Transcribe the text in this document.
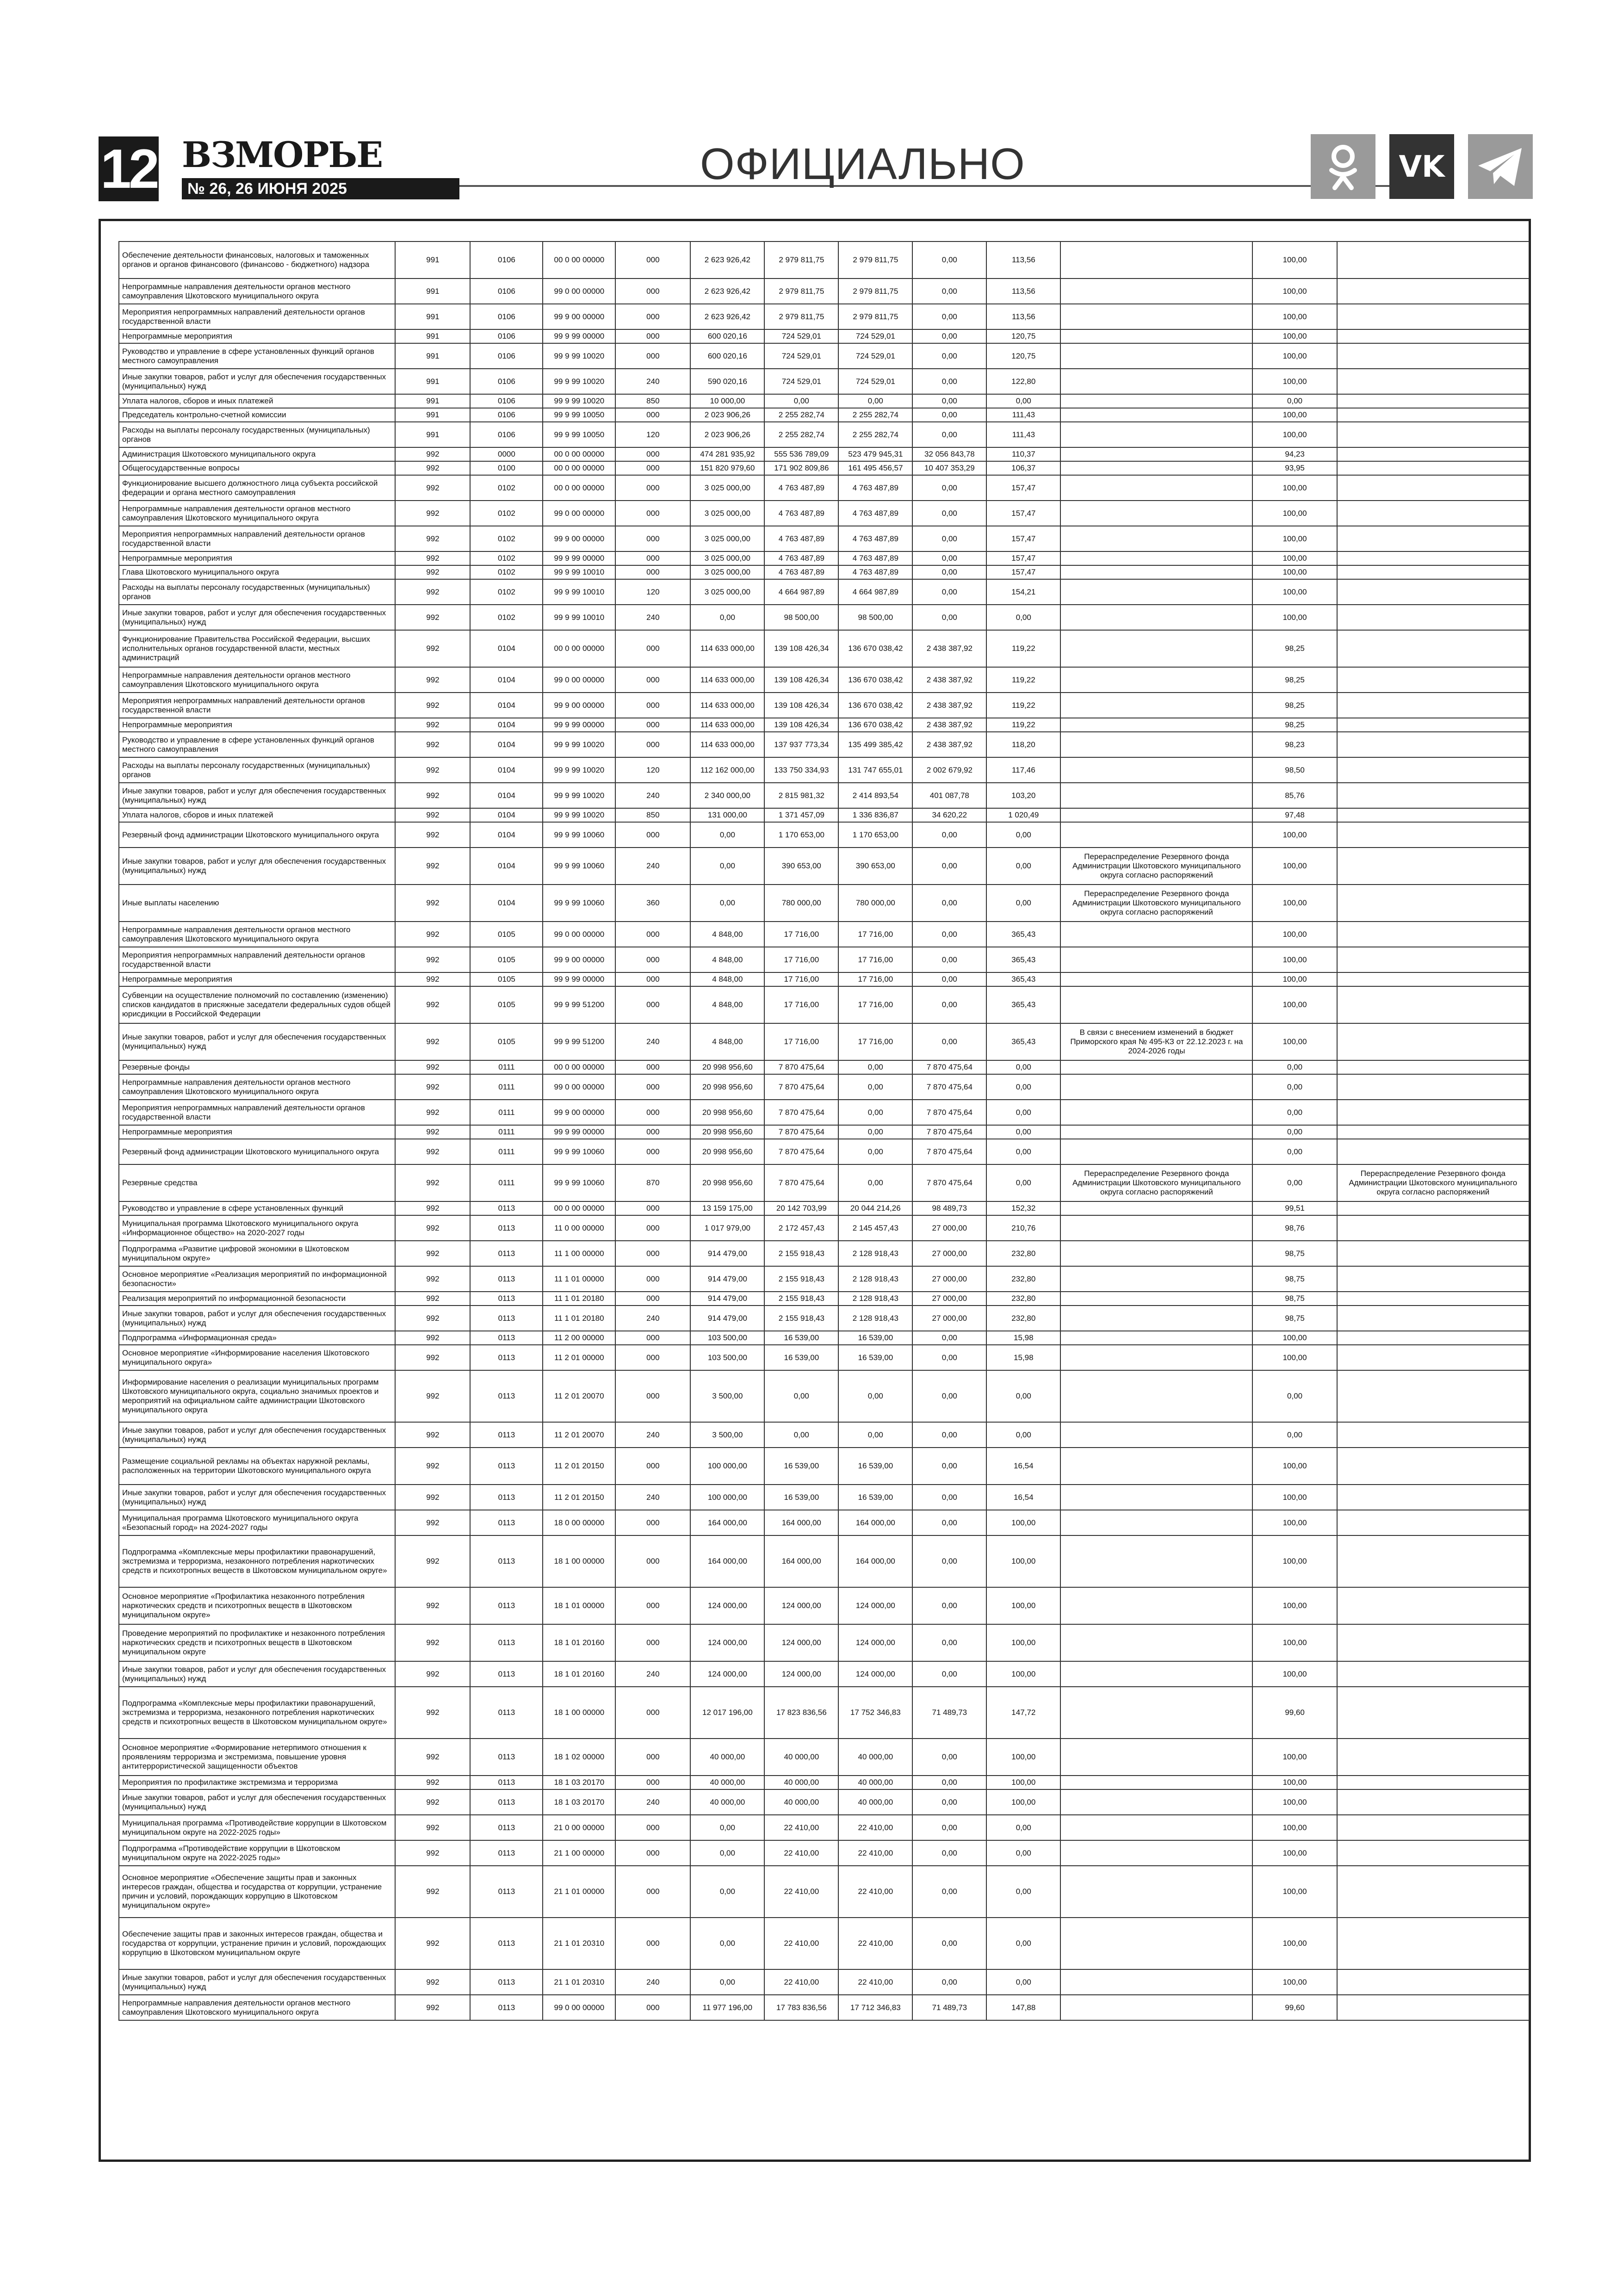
12 ВЗМОРЬЕ
№ 26, 26 ИЮНЯ 2025	ОФИЦИАЛЬНО	VK
Обеспечение деятельности финансовых, налоговых и таможенных органов и органов финансового (финансово - бюджетного) надзора	991	0106	00 0 00 00000	000	2 623 926,42	2 979 811,75	2 979 811,75	0,00	113,56		100,00	
Непрограммные направления деятельности органов местного самоуправления Шкотовского муниципального округа	991	0106	99 0 00 00000	000	2 623 926,42	2 979 811,75	2 979 811,75	0,00	113,56		100,00	
Мероприятия непрограммных направлений деятельности органов государственной власти	991	0106	99 9 00 00000	000	2 623 926,42	2 979 811,75	2 979 811,75	0,00	113,56		100,00	
Непрограммные мероприятия	991	0106	99 9 99 00000	000	600 020,16	724 529,01	724 529,01	0,00	120,75		100,00	
Руководство и управление в сфере установленных функций органов местного самоуправления	991	0106	99 9 99 10020	000	600 020,16	724 529,01	724 529,01	0,00	120,75		100,00	
Иные закупки товаров, работ и услуг для обеспечения государственных (муниципальных) нужд	991	0106	99 9 99 10020	240	590 020,16	724 529,01	724 529,01	0,00	122,80		100,00	
Уплата налогов, сборов и иных платежей	991	0106	99 9 99 10020	850	10 000,00	0,00	0,00	0,00	0,00		0,00	
Председатель контрольно-счетной комиссии	991	0106	99 9 99 10050	000	2 023 906,26	2 255 282,74	2 255 282,74	0,00	111,43		100,00	
Расходы на выплаты персоналу государственных (муниципальных) органов	991	0106	99 9 99 10050	120	2 023 906,26	2 255 282,74	2 255 282,74	0,00	111,43		100,00	
Администрация Шкотовского муниципального округа	992	0000	00 0 00 00000	000	474 281 935,92	555 536 789,09	523 479 945,31	32 056 843,78	110,37		94,23	
Общегосударственные вопросы	992	0100	00 0 00 00000	000	151 820 979,60	171 902 809,86	161 495 456,57	10 407 353,29	106,37		93,95	
Функционирование высшего должностного лица субъекта российской федерации и органа местного самоуправления	992	0102	00 0 00 00000	000	3 025 000,00	4 763 487,89	4 763 487,89	0,00	157,47		100,00	
Непрограммные направления деятельности органов местного самоуправления Шкотовского муниципального округа	992	0102	99 0 00 00000	000	3 025 000,00	4 763 487,89	4 763 487,89	0,00	157,47		100,00	
Мероприятия непрограммных направлений деятельности органов государственной власти	992	0102	99 9 00 00000	000	3 025 000,00	4 763 487,89	4 763 487,89	0,00	157,47		100,00	
Непрограммные мероприятия	992	0102	99 9 99 00000	000	3 025 000,00	4 763 487,89	4 763 487,89	0,00	157,47		100,00	
Глава Шкотовского муниципального округа	992	0102	99 9 99 10010	000	3 025 000,00	4 763 487,89	4 763 487,89	0,00	157,47		100,00	
Расходы на выплаты персоналу государственных (муниципальных) органов	992	0102	99 9 99 10010	120	3 025 000,00	4 664 987,89	4 664 987,89	0,00	154,21		100,00	
Иные закупки товаров, работ и услуг для обеспечения государственных (муниципальных) нужд	992	0102	99 9 99 10010	240	0,00	98 500,00	98 500,00	0,00	0,00		100,00	
Функционирование Правительства Российской Федерации, высших исполнительных органов государственной власти, местных администраций	992	0104	00 0 00 00000	000	114 633 000,00	139 108 426,34	136 670 038,42	2 438 387,92	119,22		98,25	
Непрограммные направления деятельности органов местного самоуправления Шкотовского муниципального округа	992	0104	99 0 00 00000	000	114 633 000,00	139 108 426,34	136 670 038,42	2 438 387,92	119,22		98,25	
Мероприятия непрограммных направлений деятельности органов государственной власти	992	0104	99 9 00 00000	000	114 633 000,00	139 108 426,34	136 670 038,42	2 438 387,92	119,22		98,25	
Непрограммные мероприятия	992	0104	99 9 99 00000	000	114 633 000,00	139 108 426,34	136 670 038,42	2 438 387,92	119,22		98,25	
Руководство и управление в сфере установленных функций органов местного самоуправления	992	0104	99 9 99 10020	000	114 633 000,00	137 937 773,34	135 499 385,42	2 438 387,92	118,20		98,23	
Расходы на выплаты персоналу государственных (муниципальных) органов	992	0104	99 9 99 10020	120	112 162 000,00	133 750 334,93	131 747 655,01	2 002 679,92	117,46		98,50	
Иные закупки товаров, работ и услуг для обеспечения государственных (муниципальных) нужд	992	0104	99 9 99 10020	240	2 340 000,00	2 815 981,32	2 414 893,54	401 087,78	103,20		85,76	
Уплата налогов, сборов и иных платежей	992	0104	99 9 99 10020	850	131 000,00	1 371 457,09	1 336 836,87	34 620,22	1 020,49		97,48	
Резервный фонд администрации Шкотовского муниципального округа	992	0104	99 9 99 10060	000	0,00	1 170 653,00	1 170 653,00	0,00	0,00		100,00	
Иные закупки товаров, работ и услуг для обеспечения государственных (муниципальных) нужд	992	0104	99 9 99 10060	240	0,00	390 653,00	390 653,00	0,00	0,00	Перераспределение Резервного фонда Администрации Шкотовского муниципального округа согласно распоряжений	100,00	
Иные выплаты населению	992	0104	99 9 99 10060	360	0,00	780 000,00	780 000,00	0,00	0,00	Перераспределение Резервного фонда Администрации Шкотовского муниципального округа согласно распоряжений	100,00	
Непрограммные направления деятельности органов местного самоуправления Шкотовского муниципального округа	992	0105	99 0 00 00000	000	4 848,00	17 716,00	17 716,00	0,00	365,43		100,00	
Мероприятия непрограммных направлений деятельности органов государственной власти	992	0105	99 9 00 00000	000	4 848,00	17 716,00	17 716,00	0,00	365,43		100,00	
Непрограммные мероприятия	992	0105	99 9 99 00000	000	4 848,00	17 716,00	17 716,00	0,00	365,43		100,00	
Субвенции на осуществление полномочий по составлению (изменению) списков кандидатов в присяжные заседатели федеральных судов общей юрисдикции в Российской Федерации	992	0105	99 9 99 51200	000	4 848,00	17 716,00	17 716,00	0,00	365,43		100,00	
Иные закупки товаров, работ и услуг для обеспечения государственных (муниципальных) нужд	992	0105	99 9 99 51200	240	4 848,00	17 716,00	17 716,00	0,00	365,43	В связи с внесением изменений в бюджет Приморского края № 495-КЗ от 22.12.2023 г. на 2024-2026 годы	100,00	
Резервные фонды	992	0111	00 0 00 00000	000	20 998 956,60	7 870 475,64	0,00	7 870 475,64	0,00		0,00	
Непрограммные направления деятельности органов местного самоуправления Шкотовского муниципального округа	992	0111	99 0 00 00000	000	20 998 956,60	7 870 475,64	0,00	7 870 475,64	0,00		0,00	
Мероприятия непрограммных направлений деятельности органов государственной власти	992	0111	99 9 00 00000	000	20 998 956,60	7 870 475,64	0,00	7 870 475,64	0,00		0,00	
Непрограммные мероприятия	992	0111	99 9 99 00000	000	20 998 956,60	7 870 475,64	0,00	7 870 475,64	0,00		0,00	
Резервный фонд администрации Шкотовского муниципального округа	992	0111	99 9 99 10060	000	20 998 956,60	7 870 475,64	0,00	7 870 475,64	0,00		0,00	
Резервные средства	992	0111	99 9 99 10060	870	20 998 956,60	7 870 475,64	0,00	7 870 475,64	0,00	Перераспределение Резервного фонда Администрации Шкотовского муниципального округа согласно распоряжений	0,00	Перераспределение Резервного фонда Администрации Шкотовского муниципального округа согласно распоряжений
Руководство и управление в сфере установленных функций	992	0113	00 0 00 00000	000	13 159 175,00	20 142 703,99	20 044 214,26	98 489,73	152,32		99,51	
Муниципальная программа Шкотовского муниципального округа «Информационное общество» на 2020-2027 годы	992	0113	11 0 00 00000	000	1 017 979,00	2 172 457,43	2 145 457,43	27 000,00	210,76		98,76	
Подпрограмма «Развитие цифровой экономики в Шкотовском муниципальном округе»	992	0113	11 1 00 00000	000	914 479,00	2 155 918,43	2 128 918,43	27 000,00	232,80		98,75	
Основное мероприятие «Реализация мероприятий по информационной безопасности»	992	0113	11 1 01 00000	000	914 479,00	2 155 918,43	2 128 918,43	27 000,00	232,80		98,75	
Реализация мероприятий по информационной безопасности	992	0113	11 1 01 20180	000	914 479,00	2 155 918,43	2 128 918,43	27 000,00	232,80		98,75	
Иные закупки товаров, работ и услуг для обеспечения государственных (муниципальных) нужд	992	0113	11 1 01 20180	240	914 479,00	2 155 918,43	2 128 918,43	27 000,00	232,80		98,75	
Подпрограмма «Информационная среда»	992	0113	11 2 00 00000	000	103 500,00	16 539,00	16 539,00	0,00	15,98		100,00	
Основное мероприятие «Информирование населения Шкотовского муниципального округа»	992	0113	11 2 01 00000	000	103 500,00	16 539,00	16 539,00	0,00	15,98		100,00	
Информирование населения о реализации муниципальных программ Шкотовского муниципального округа, социально значимых проектов и мероприятий на официальном сайте администрации Шкотовского муниципального округа	992	0113	11 2 01 20070	000	3 500,00	0,00	0,00	0,00	0,00		0,00	
Иные закупки товаров, работ и услуг для обеспечения государственных (муниципальных) нужд	992	0113	11 2 01 20070	240	3 500,00	0,00	0,00	0,00	0,00		0,00	
Размещение социальной рекламы на объектах наружной рекламы, расположенных на территории Шкотовского муниципального округа	992	0113	11 2 01 20150	000	100 000,00	16 539,00	16 539,00	0,00	16,54		100,00	
Иные закупки товаров, работ и услуг для обеспечения государственных (муниципальных) нужд	992	0113	11 2 01 20150	240	100 000,00	16 539,00	16 539,00	0,00	16,54		100,00	
Муниципальная программа Шкотовского муниципального округа «Безопасный город» на 2024-2027 годы	992	0113	18 0 00 00000	000	164 000,00	164 000,00	164 000,00	0,00	100,00		100,00	
Подпрограмма «Комплексные меры профилактики правонарушений, экстремизма и терроризма, незаконного потребления наркотических средств и психотропных веществ в Шкотовском муниципальном округе»	992	0113	18 1 00 00000	000	164 000,00	164 000,00	164 000,00	0,00	100,00		100,00	
Основное мероприятие «Профилактика незаконного потребления наркотических средств и психотропных веществ в Шкотовском муниципальном округе»	992	0113	18 1 01 00000	000	124 000,00	124 000,00	124 000,00	0,00	100,00		100,00	
Проведение мероприятий по профилактике и незаконного потребления наркотических средств и психотропных веществ в Шкотовском муниципальном округе	992	0113	18 1 01 20160	000	124 000,00	124 000,00	124 000,00	0,00	100,00		100,00	
Иные закупки товаров, работ и услуг для обеспечения государственных (муниципальных) нужд	992	0113	18 1 01 20160	240	124 000,00	124 000,00	124 000,00	0,00	100,00		100,00	
Подпрограмма «Комплексные меры профилактики правонарушений, экстремизма и терроризма, незаконного потребления наркотических средств и психотропных веществ в Шкотовском муниципальном округе»	992	0113	18 1 00 00000	000	12 017 196,00	17 823 836,56	17 752 346,83	71 489,73	147,72		99,60	
Основное мероприятие «Формирование нетерпимого отношения к проявлениям терроризма и экстремизма, повышение уровня антитеррористической защищенности объектов	992	0113	18 1 02 00000	000	40 000,00	40 000,00	40 000,00	0,00	100,00		100,00	
Мероприятия по профилактике экстремизма и терроризма	992	0113	18 1 03 20170	000	40 000,00	40 000,00	40 000,00	0,00	100,00		100,00	
Иные закупки товаров, работ и услуг для обеспечения государственных (муниципальных) нужд	992	0113	18 1 03 20170	240	40 000,00	40 000,00	40 000,00	0,00	100,00		100,00	
Муниципальная программа «Противодействие коррупции в Шкотовском муниципальном округе на 2022-2025 годы»	992	0113	21 0 00 00000	000	0,00	22 410,00	22 410,00	0,00	0,00		100,00	
Подпрограмма «Противодействие коррупции в Шкотовском муниципальном округе на 2022-2025 годы»	992	0113	21 1 00 00000	000	0,00	22 410,00	22 410,00	0,00	0,00		100,00	
Основное мероприятие «Обеспечение защиты прав и законных интересов граждан, общества и государства от коррупции, устранение причин и условий, порождающих коррупцию в Шкотовском муниципальном округе»	992	0113	21 1 01 00000	000	0,00	22 410,00	22 410,00	0,00	0,00		100,00	
Обеспечение защиты прав и законных интересов граждан, общества и государства от коррупции, устранение причин и условий, порождающих коррупцию в Шкотовском муниципальном округе	992	0113	21 1 01 20310	000	0,00	22 410,00	22 410,00	0,00	0,00		100,00	
Иные закупки товаров, работ и услуг для обеспечения государственных (муниципальных) нужд	992	0113	21 1 01 20310	240	0,00	22 410,00	22 410,00	0,00	0,00		100,00	
Непрограммные направления деятельности органов местного самоуправления Шкотовского муниципального округа	992	0113	99 0 00 00000	000	11 977 196,00	17 783 836,56	17 712 346,83	71 489,73	147,88		99,60	
